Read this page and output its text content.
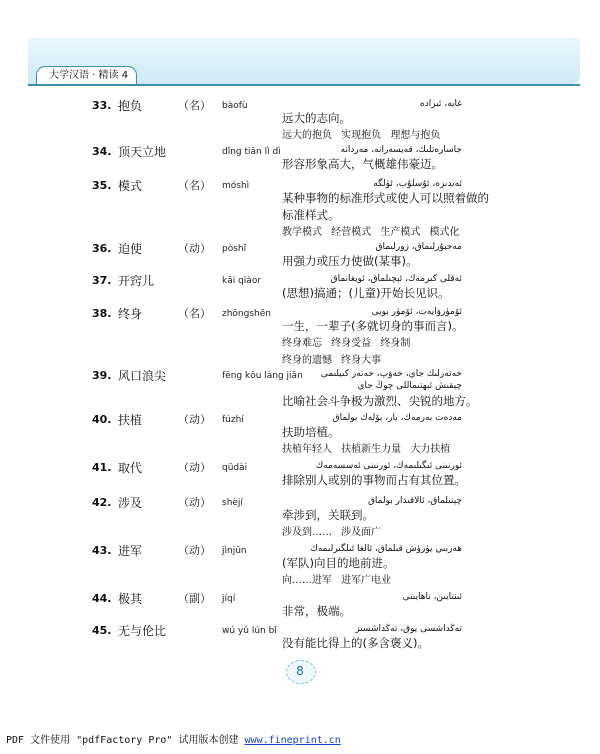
大学汉语 · 精读 4
33. 抱负	（名） bàofù	غايە، ئىرادە
远大的志向。
远大的抱负 实现抱负 理想与抱负
34. 顶天立地	dǐng tiān lì dì	جاسارەتلىك، قەيسەرانە، مەردانە
形容形象高大，气概雄伟豪迈。
35. 模式	（名） móshì	ئەندىزە، ئۇسلۇب، ئۈلگە
某种事物的标准形式或使人可以照着做的
标准样式。
教学模式 经营模式 生产模式 模式化
36. 迫使	（动） pòshǐ	مەجبۇرلىماق، زورلىماق
用强力或压力使做(某事)。
37. 开窍儿	kāi qiàor	ئەقلى كىرمەك، ئېچىلماق، ئويغانماق
(思想)搞通；(儿童)开始长见识。
38. 终身	（名） zhōngshēn	ئۆمۈرۋايەت، ئۆمۈر بويى
一生，一辈子(多就切身的事而言)。
终身难忘 终身受益 终身制
终身的遗憾 终身大事
39. 风口浪尖	fēng kǒu làng jiān خەتەرلىك جاي، خەۋپ، خەتەر كىيلىمى
چېقىش ئېھتىماللى چوڭ جاي
比喻社会斗争极为激烈、尖锐的地方。
40. 扶植	（动） fúzhí	مەدەت بەرمەك، يار، يۆلەك بولماق
扶助培植。
扶植年轻人 扶植新生力量 大力扶植
41. 取代	（动） qǔdài	ئورنىنى ئىگىلىمەك، ئورنىنى ئەسسەمەك
排除别人或别的事物而占有其位置。
42. 涉及	（动） shèjí	چېتىلماق، ئالاقىدار بولماق
牵涉到，关联到。
涉及到…… 涉及面广
43. 进军	（动） jìnjūn	ھەربىي يۈرۈش قىلماق، ئالغا ئىلگىرلىمەك
(军队)向目的地前进。
向……进军 进军广电业
44. 极其	（副） jíqí	ئىنتايىن، ناھايىتى
非常，极端。
45. 无与伦比	wú yǔ lún bǐ	تەڭداشسى يوق، تەڭداشسىز
没有能比得上的(多含褒义)。
8
PDF 文件使用 "pdfFactory Pro" 试用版本创建 www.fineprint.cn
